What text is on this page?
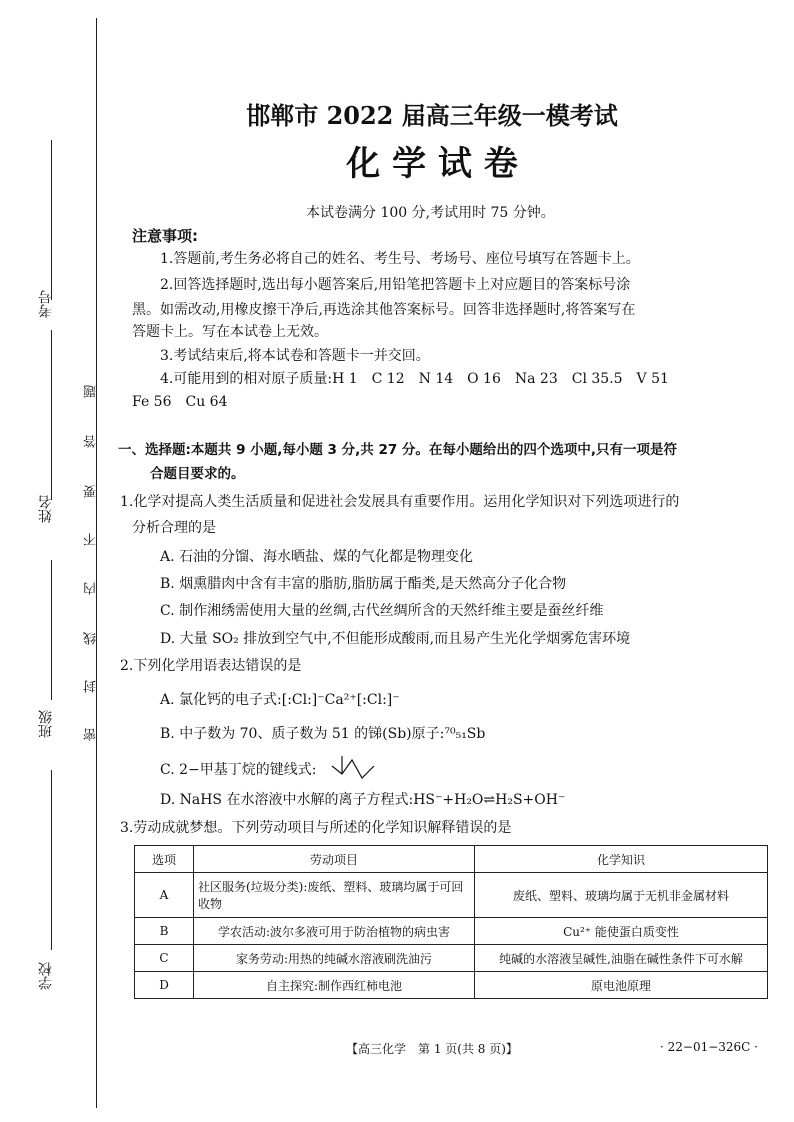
考号
姓名
班级
学校
题
答
要
不
内
线
封
密
邯郸市 2022 届高三年级一模考试
化 学 试 卷
本试卷满分 100 分,考试用时 75 分钟。
注意事项:
1.答题前,考生务必将自己的姓名、考生号、考场号、座位号填写在答题卡上。
2.回答选择题时,选出每小题答案后,用铅笔把答题卡上对应题目的答案标号涂
黑。如需改动,用橡皮擦干净后,再选涂其他答案标号。回答非选择题时,将答案写在
答题卡上。写在本试卷上无效。
3.考试结束后,将本试卷和答题卡一并交回。
4.可能用到的相对原子质量:H 1　C 12　N 14　O 16　Na 23　Cl 35.5　V 51
Fe 56　Cu 64
一、选择题:本题共 9 小题,每小题 3 分,共 27 分。在每小题给出的四个选项中,只有一项是符
合题目要求的。
1.化学对提高人类生活质量和促进社会发展具有重要作用。运用化学知识对下列选项进行的
分析合理的是
A. 石油的分馏、海水晒盐、煤的气化都是物理变化
B. 烟熏腊肉中含有丰富的脂肪,脂肪属于酯类,是天然高分子化合物
C. 制作湘绣需使用大量的丝绸,古代丝绸所含的天然纤维主要是蚕丝纤维
D. 大量 SO₂ 排放到空气中,不但能形成酸雨,而且易产生光化学烟雾危害环境
2.下列化学用语表达错误的是
A. 氯化钙的电子式:[:Cl:]⁻Ca²⁺[:Cl:]⁻
B. 中子数为 70、质子数为 51 的锑(Sb)原子:⁷⁰₅₁Sb
C. 2−甲基丁烷的键线式:
D. NaHS 在水溶液中水解的离子方程式:HS⁻+H₂O⇌H₂S+OH⁻
3.劳动成就梦想。下列劳动项目与所述的化学知识解释错误的是
选项	劳动项目	化学知识
A	社区服务(垃圾分类):废纸、塑料、玻璃均属于可回收物	废纸、塑料、玻璃均属于无机非金属材料
B	学农活动:波尔多液可用于防治植物的病虫害	Cu²⁺ 能使蛋白质变性
C	家务劳动:用热的纯碱水溶液刷洗油污	纯碱的水溶液呈碱性,油脂在碱性条件下可水解
D	自主探究:制作西红柿电池	原电池原理
【高三化学　第 1 页(共 8 页)】	· 22−01−326C ·
